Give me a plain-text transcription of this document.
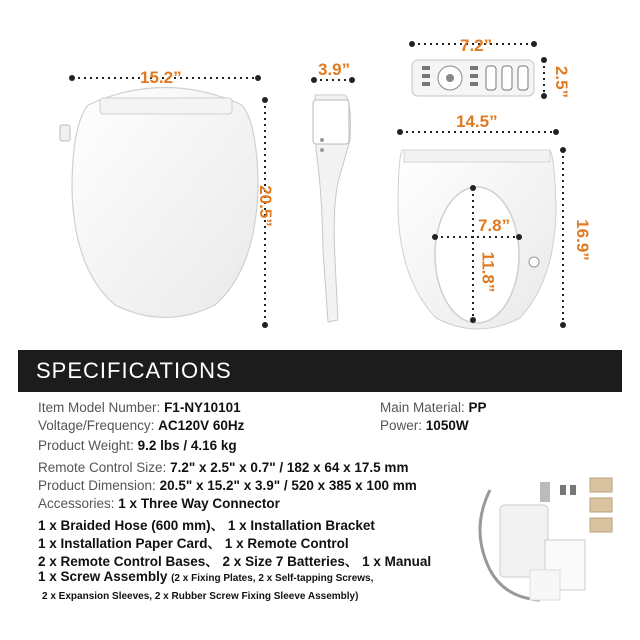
15.2”
20.5”
3.9”
7.2”
2.5”
14.5”
16.9”
7.8”
11.8”
SPECIFICATIONS
Item Model Number: F1-NY10101	Main Material: PP
Voltage/Frequency: AC120V 60Hz	Power: 1050W
Product Weight: 9.2 lbs / 4.16 kg
Remote Control Size: 7.2" x 2.5" x 0.7" / 182 x 64 x 17.5 mm
Product Dimension: 20.5" x 15.2" x 3.9" / 520 x 385 x 100 mm
Accessories: 1 x Three Way Connector
1 x Braided Hose (600 mm)、 1 x Installation Bracket
1 x Installation Paper Card、 1 x Remote Control
2 x Remote Control Bases、 2 x Size 7 Batteries、 1 x Manual
1 x Screw Assembly (2 x Fixing Plates, 2 x Self-tapping Screws,
2 x Expansion Sleeves, 2 x Rubber Screw Fixing Sleeve Assembly)
